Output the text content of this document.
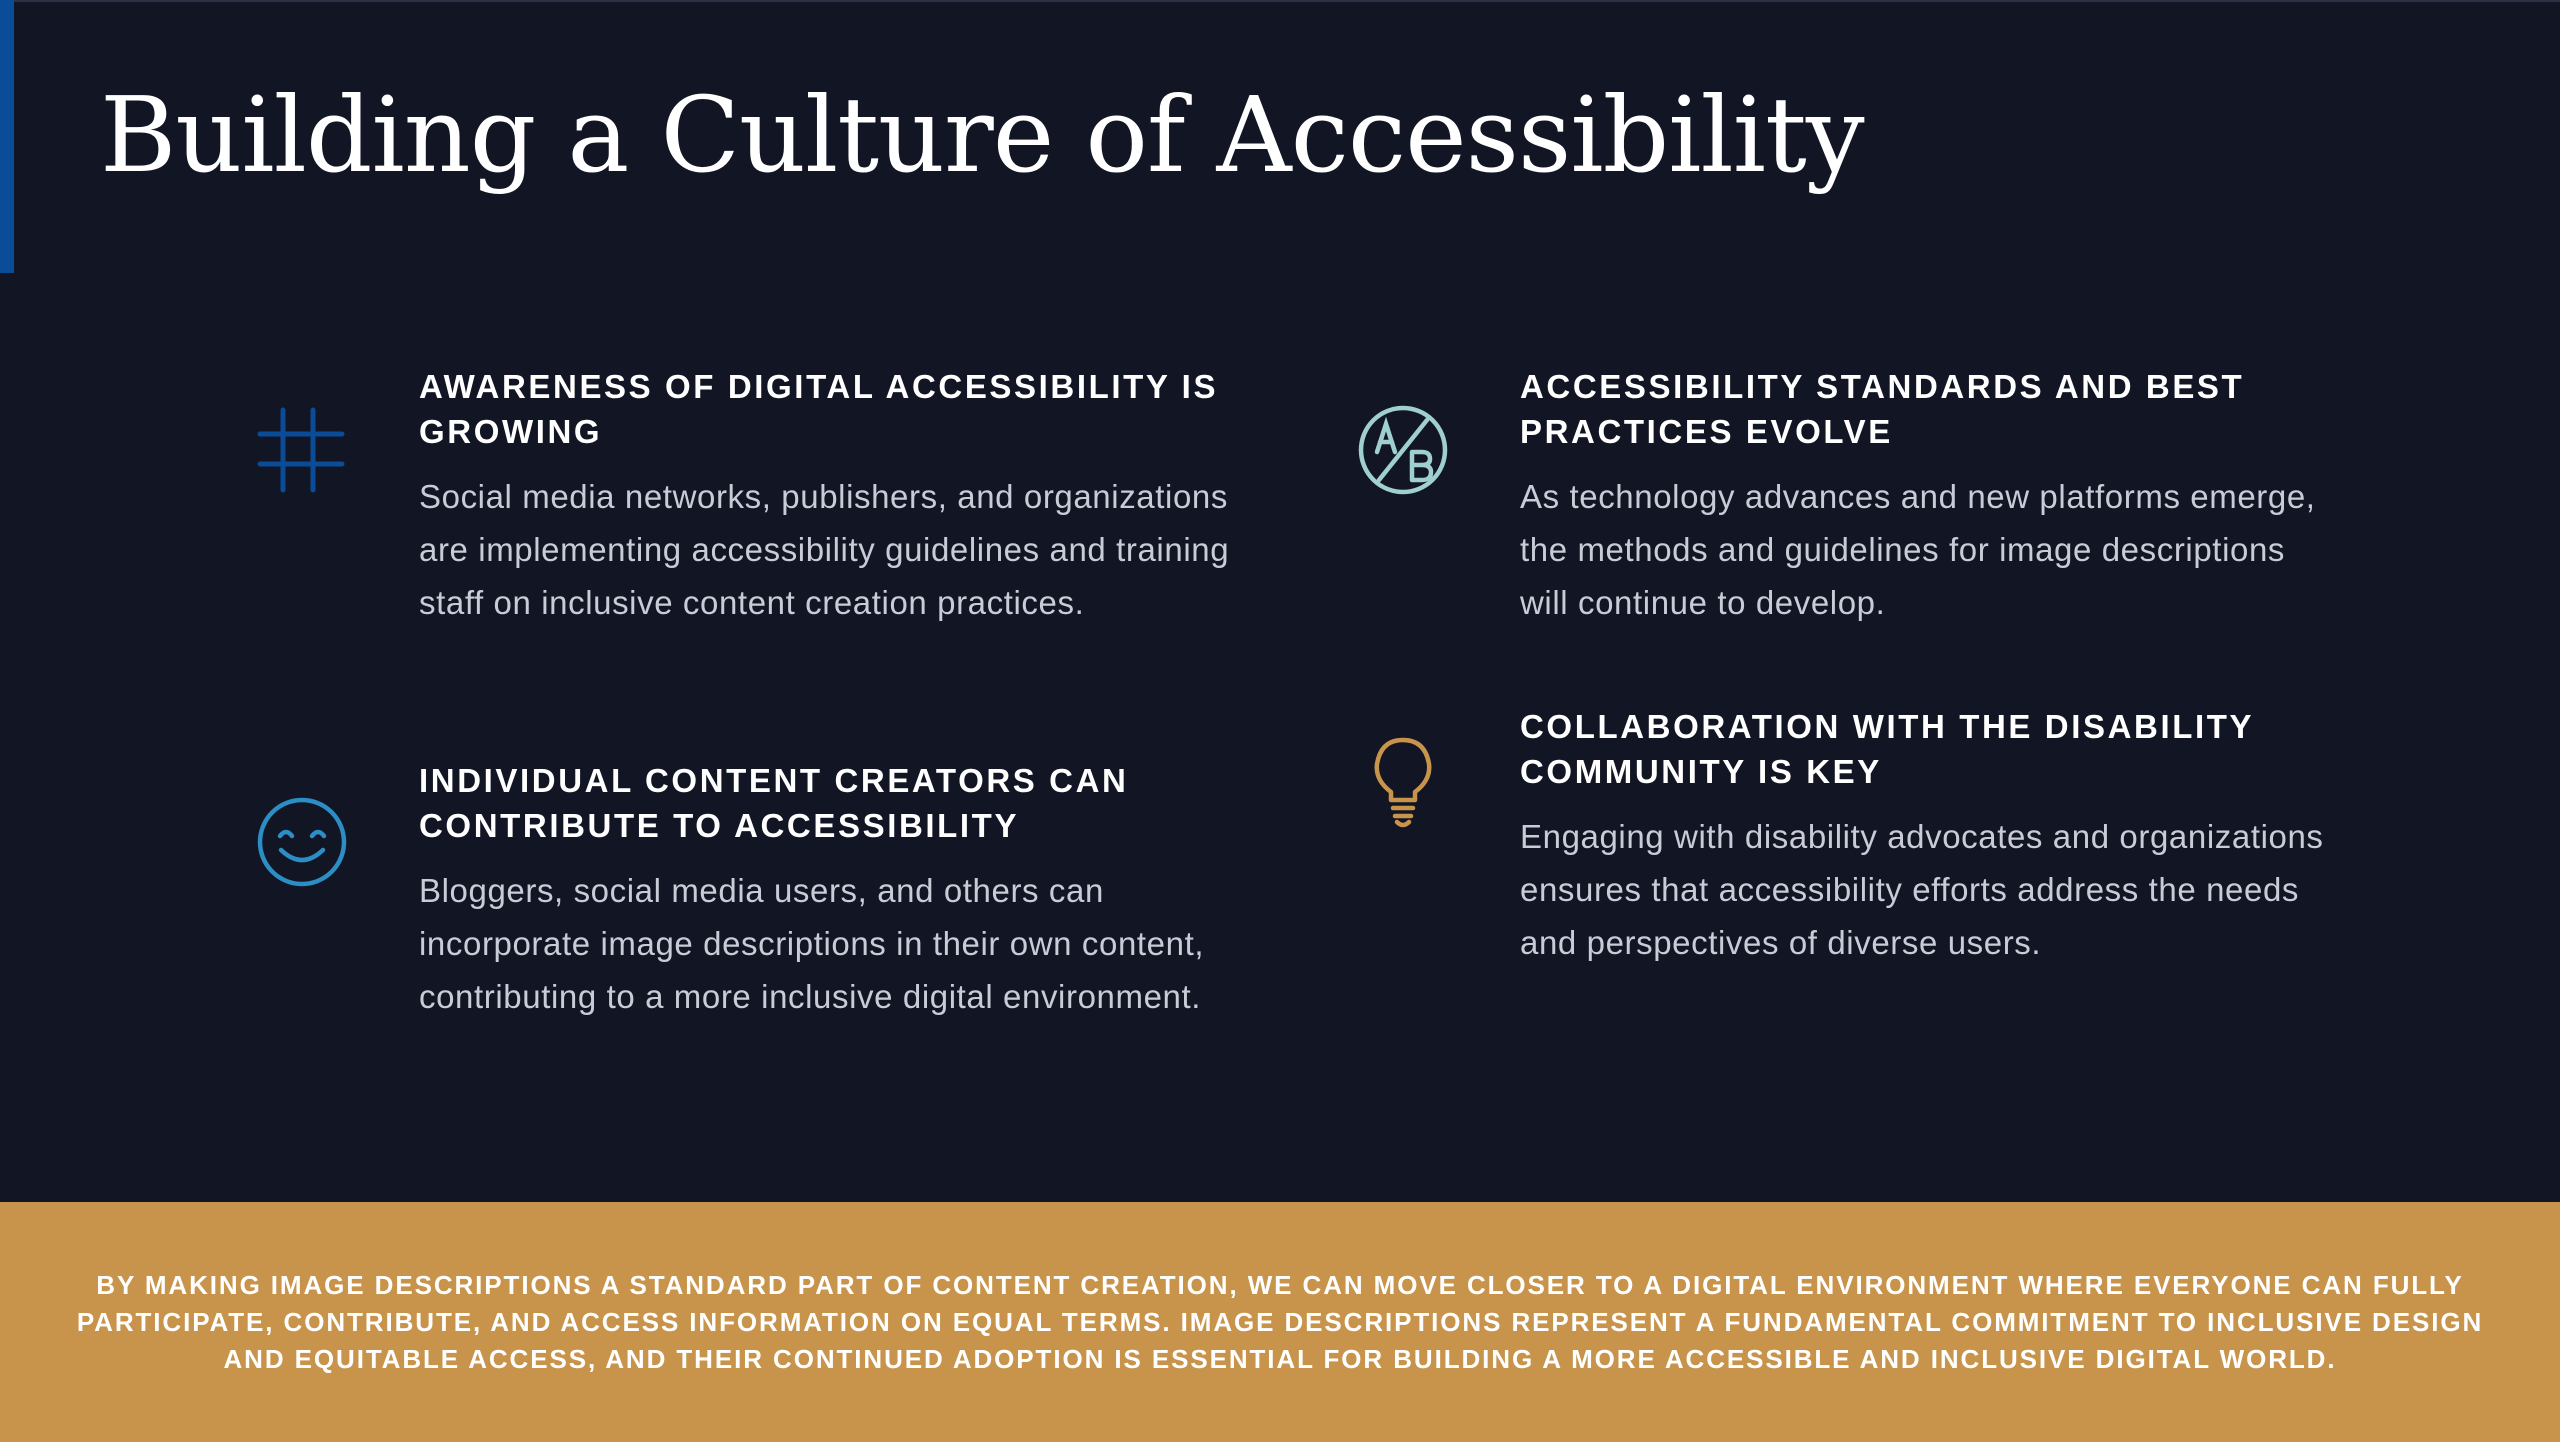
Building a Culture of Accessibility
AWARENESS OF DIGITAL ACCESSIBILITY IS GROWING

Social media networks, publishers, and organizations are implementing accessibility guidelines and training staff on inclusive content creation practices.

INDIVIDUAL CONTENT CREATORS CAN CONTRIBUTE TO ACCESSIBILITY

Bloggers, social media users, and others can incorporate image descriptions in their own content, contributing to a more inclusive digital environment.

ACCESSIBILITY STANDARDS AND BEST PRACTICES EVOLVE

As technology advances and new platforms emerge, the methods and guidelines for image descriptions will continue to develop.

COLLABORATION WITH THE DISABILITY COMMUNITY IS KEY

Engaging with disability advocates and organizations ensures that accessibility efforts address the needs and perspectives of diverse users.

BY MAKING IMAGE DESCRIPTIONS A STANDARD PART OF CONTENT CREATION, WE CAN MOVE CLOSER TO A DIGITAL ENVIRONMENT WHERE EVERYONE CAN FULLY PARTICIPATE, CONTRIBUTE, AND ACCESS INFORMATION ON EQUAL TERMS. IMAGE DESCRIPTIONS REPRESENT A FUNDAMENTAL COMMITMENT TO INCLUSIVE DESIGN AND EQUITABLE ACCESS, AND THEIR CONTINUED ADOPTION IS ESSENTIAL FOR BUILDING A MORE ACCESSIBLE AND INCLUSIVE DIGITAL WORLD.
